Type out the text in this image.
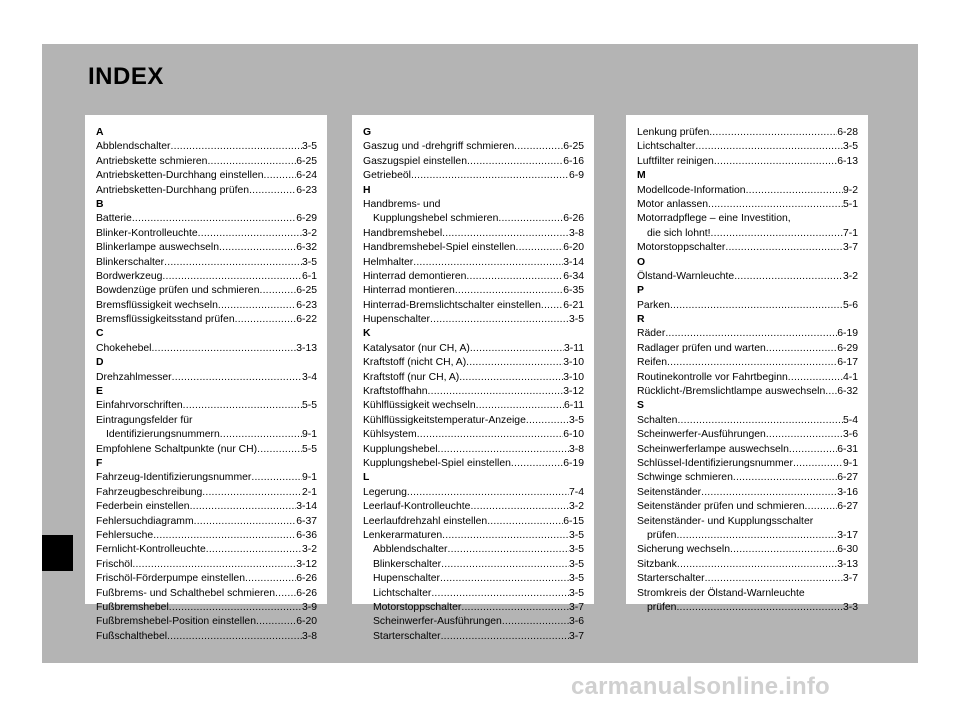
INDEX
A
Abblendschalter .....	3-5
Antriebskette schmieren .....	6-25
Antriebsketten-Durchhang einstellen .....	6-24
Antriebsketten-Durchhang prüfen .....	6-23
B
Batterie .....	6-29
Blinker-Kontrolleuchte .....	3-2
Blinkerlampe auswechseln .....	6-32
Blinkerschalter .....	3-5
Bordwerkzeug .....	6-1
Bowdenzüge prüfen und schmieren .....	6-25
Bremsflüssigkeit wechseln .....	6-23
Bremsflüssigkeitsstand prüfen .....	6-22
C
Chokehebel .....	3-13
D
Drehzahlmesser .....	3-4
E
Einfahrvorschriften .....	5-5
Eintragungsfelder für
Identifizierungsnummern .....	9-1
Empfohlene Schaltpunkte (nur CH) .....	5-5
F
Fahrzeug-Identifizierungsnummer .....	9-1
Fahrzeugbeschreibung .....	2-1
Federbein einstellen .....	3-14
Fehlersuchdiagramm .....	6-37
Fehlersuche .....	6-36
Fernlicht-Kontrolleuchte .....	3-2
Frischöl .....	3-12
Frischöl-Förderpumpe einstellen .....	6-26
Fußbrems- und Schalthebel schmieren ..... 6-26
Fußbremshebel .....	3-9
Fußbremshebel-Position einstellen .....	6-20
Fußschalthebel .....	3-8
G
Gaszug und -drehgriff schmieren .....	6-25
Gaszugspiel einstellen .....	6-16
Getriebeöl .....	6-9
H
Handbrems- und
Kupplungshebel schmieren .....	6-26
Handbremshebel .....	3-8
Handbremshebel-Spiel einstellen .....	6-20
Helmhalter .....	3-14
Hinterrad demontieren .....	6-34
Hinterrad montieren .....	6-35
Hinterrad-Bremslichtschalter einstellen ..... 6-21
Hupenschalter .....	3-5
K
Katalysator (nur CH, A) .....	3-11
Kraftstoff (nicht CH, A) .....	3-10
Kraftstoff (nur CH, A) .....	3-10
Kraftstoffhahn .....	3-12
Kühlflüssigkeit wechseln .....	6-11
Kühlflüssigkeitstemperatur-Anzeige .....	3-5
Kühlsystem .....	6-10
Kupplungshebel .....	3-8
Kupplungshebel-Spiel einstellen .....	6-19
L
Legerung .....	7-4
Leerlauf-Kontrolleuchte .....	3-2
Leerlaufdrehzahl einstellen .....	6-15
Lenkerarmaturen .....	3-5
Abblendschalter .....	3-5
Blinkerschalter .....	3-5
Hupenschalter .....	3-5
Lichtschalter .....	3-5
Motorstoppschalter .....	3-7
Scheinwerfer-Ausführungen .....	3-6
Starterschalter .....	3-7
Lenkung prüfen .....	6-28
Lichtschalter .....	3-5
Luftfilter reinigen .....	6-13
M
Modellcode-Information .....	9-2
Motor anlassen .....	5-1
Motorradpflege – eine Investition,
die sich lohnt! .....	7-1
Motorstoppschalter .....	3-7
O
Ölstand-Warnleuchte .....	3-2
P
Parken .....	5-6
R
Räder .....	6-19
Radlager prüfen und warten .....	6-29
Reifen .....	6-17
Routinekontrolle vor Fahrtbeginn .....	4-1
Rücklicht-/Bremslichtlampe auswechseln ..... 6-32
S
Schalten .....	5-4
Scheinwerfer-Ausführungen .....	3-6
Scheinwerferlampe auswechseln .....	6-31
Schlüssel-Identifizierungsnummer .....	9-1
Schwinge schmieren .....	6-27
Seitenständer .....	3-16
Seitenständer prüfen und schmieren .....	6-27
Seitenständer- und Kupplungsschalter
prüfen .....	3-17
Sicherung wechseln .....	6-30
Sitzbank .....	3-13
Starterschalter .....	3-7
Stromkreis der Ölstand-Warnleuchte
prüfen .....	3-3
carmanualsonline.info
